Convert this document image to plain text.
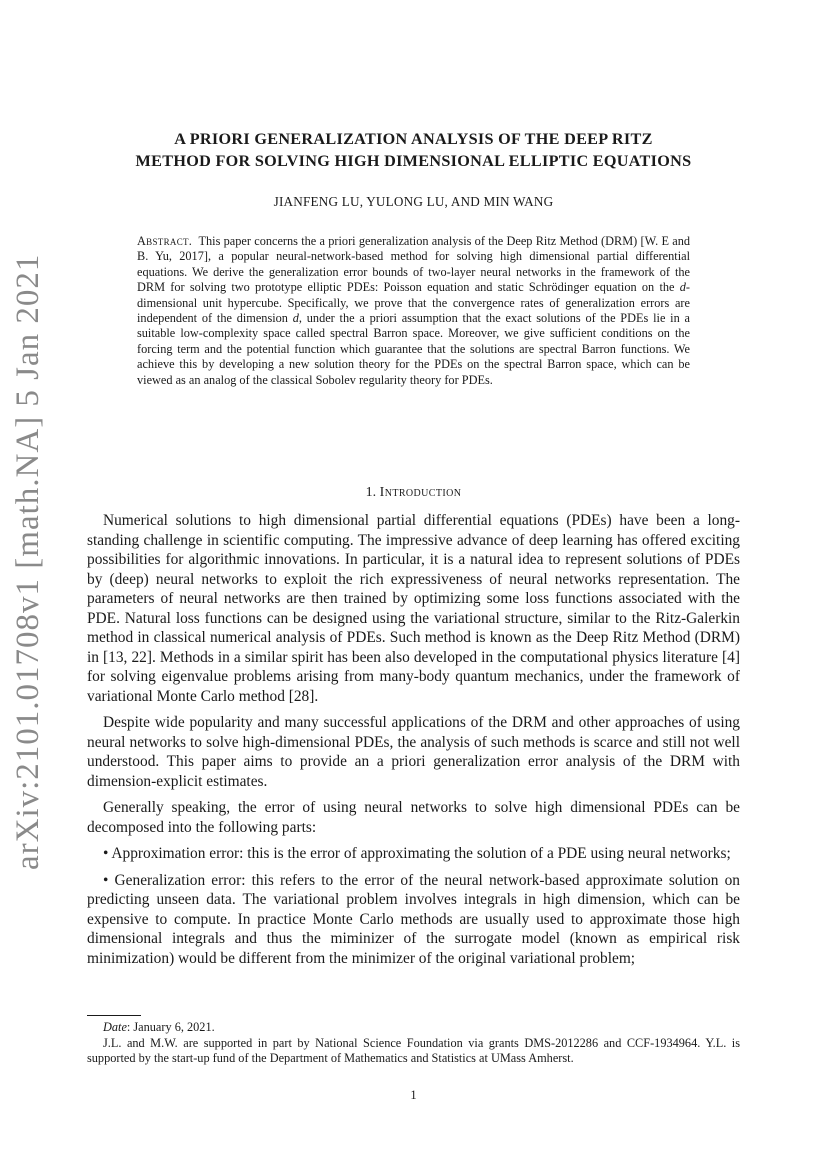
arXiv:2101.01708v1 [math.NA] 5 Jan 2021
A PRIORI GENERALIZATION ANALYSIS OF THE DEEP RITZ
METHOD FOR SOLVING HIGH DIMENSIONAL ELLIPTIC EQUATIONS
JIANFENG LU, YULONG LU, AND MIN WANG
Abstract. This paper concerns the a priori generalization analysis of the Deep Ritz Method (DRM) [W. E and B. Yu, 2017], a popular neural-network-based method for solving high dimensional partial differential equations. We derive the generalization error bounds of two-layer neural networks in the framework of the DRM for solving two prototype elliptic PDEs: Poisson equation and static Schrödinger equation on the d-dimensional unit hypercube. Specifically, we prove that the convergence rates of generalization errors are independent of the dimension d, under the a priori assumption that the exact solutions of the PDEs lie in a suitable low-complexity space called spectral Barron space. Moreover, we give sufficient conditions on the forcing term and the potential function which guarantee that the solutions are spectral Barron functions. We achieve this by developing a new solution theory for the PDEs on the spectral Barron space, which can be viewed as an analog of the classical Sobolev regularity theory for PDEs.
1. Introduction

Numerical solutions to high dimensional partial differential equations (PDEs) have been a long-standing challenge in scientific computing. The impressive advance of deep learning has offered exciting possibilities for algorithmic innovations. In particular, it is a natural idea to represent solutions of PDEs by (deep) neural networks to exploit the rich expressiveness of neural networks representation. The parameters of neural networks are then trained by optimizing some loss functions associated with the PDE. Natural loss functions can be designed using the variational structure, similar to the Ritz-Galerkin method in classical numerical analysis of PDEs. Such method is known as the Deep Ritz Method (DRM) in [13, 22]. Methods in a similar spirit has been also developed in the computational physics literature [4] for solving eigenvalue problems arising from many-body quantum mechanics, under the framework of variational Monte Carlo method [28].

Despite wide popularity and many successful applications of the DRM and other approaches of using neural networks to solve high-dimensional PDEs, the analysis of such methods is scarce and still not well understood. This paper aims to provide an a priori generalization error analysis of the DRM with dimension-explicit estimates.

Generally speaking, the error of using neural networks to solve high dimensional PDEs can be decomposed into the following parts:

• Approximation error: this is the error of approximating the solution of a PDE using neural networks;

• Generalization error: this refers to the error of the neural network-based approximate solution on predicting unseen data. The variational problem involves integrals in high dimension, which can be expensive to compute. In practice Monte Carlo methods are usually used to approximate those high dimensional integrals and thus the miminizer of the surrogate model (known as empirical risk minimization) would be different from the minimizer of the original variational problem;

Date: January 6, 2021.

J.L. and M.W. are supported in part by National Science Foundation via grants DMS-2012286 and CCF-1934964. Y.L. is supported by the start-up fund of the Department of Mathematics and Statistics at UMass Amherst.

1
